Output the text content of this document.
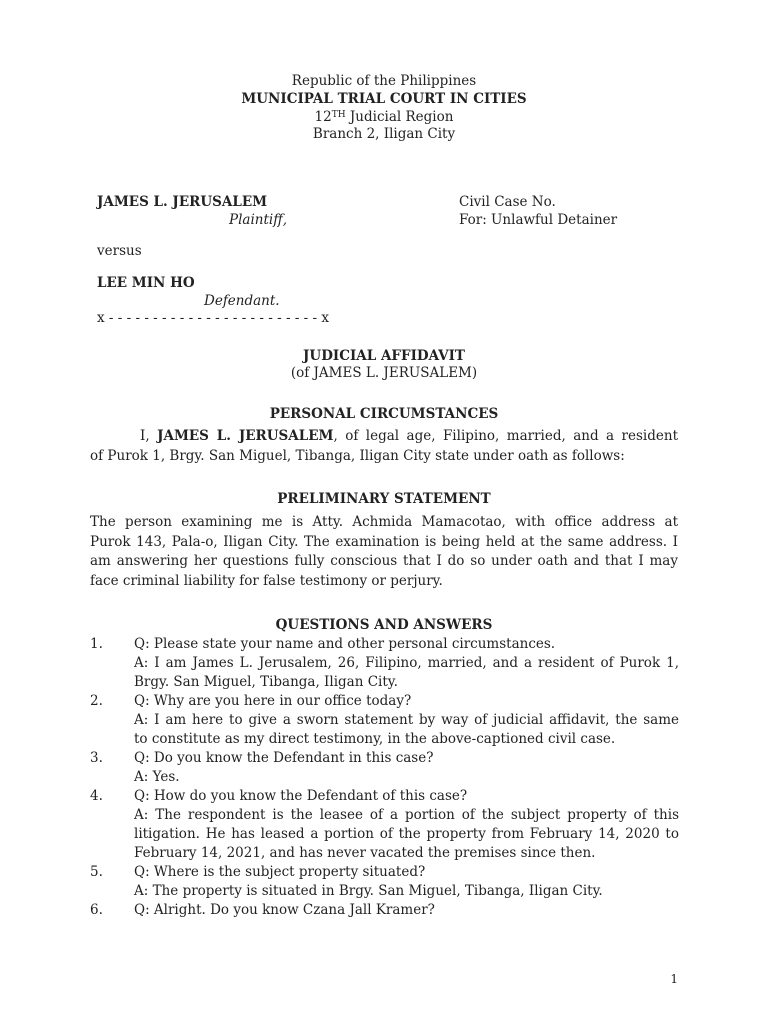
Republic of the Philippines
MUNICIPAL TRIAL COURT IN CITIES
12TH Judicial Region
Branch 2, Iligan City
JAMES L. JERUSALEM
Plaintiff,
Civil Case No.
For: Unlawful Detainer
versus
LEE MIN HO
Defendant.
x - - - - - - - - - - - - - - - - - - - - - - - - x
JUDICIAL AFFIDAVIT
(of JAMES L. JERUSALEM)
PERSONAL CIRCUMSTANCES
I, JAMES L. JERUSALEM, of legal age, Filipino, married, and a resident
of Purok 1, Brgy. San Miguel, Tibanga, Iligan City state under oath as follows:
PRELIMINARY STATEMENT
The person examining me is Atty. Achmida Mamacotao, with office address at
Purok 143, Pala-o, Iligan City. The examination is being held at the same address. I
am answering her questions fully conscious that I do so under oath and that I may
face criminal liability for false testimony or perjury.
QUESTIONS AND ANSWERS
1.	Q: Please state your name and other personal circumstances.
A: I am James L. Jerusalem, 26, Filipino, married, and a resident of Purok 1,
Brgy. San Miguel, Tibanga, Iligan City.
2.	Q: Why are you here in our office today?
A: I am here to give a sworn statement by way of judicial affidavit, the same
to constitute as my direct testimony, in the above-captioned civil case.
3.	Q: Do you know the Defendant in this case?
A: Yes.
4.	Q: How do you know the Defendant of this case?
A: The respondent is the leasee of a portion of the subject property of this
litigation. He has leased a portion of the property from February 14, 2020 to
February 14, 2021, and has never vacated the premises since then.
5.	Q: Where is the subject property situated?
A: The property is situated in Brgy. San Miguel, Tibanga, Iligan City.
6.	Q: Alright. Do you know Czana Jall Kramer?
1
